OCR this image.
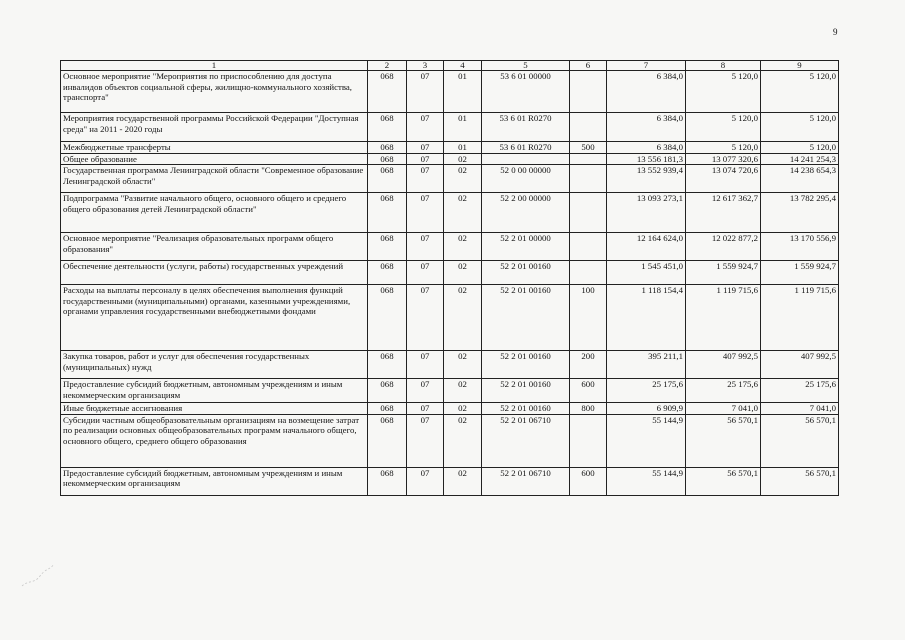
9
1	2	3	4	5	6	7	8	9
Основное мероприятие "Мероприятия по приспособлению для доступа инвалидов объектов социальной сферы, жилищно-коммунального хозяйства, транспорта"	068	07	01	53 6 01 00000		6 384,0	5 120,0	5 120,0
Мероприятия государственной программы Российской Федерации "Доступная среда" на 2011 - 2020 годы	068	07	01	53 6 01 R0270		6 384,0	5 120,0	5 120,0
Межбюджетные трансферты	068	07	01	53 6 01 R0270	500	6 384,0	5 120,0	5 120,0
Общее образование	068	07	02			13 556 181,3	13 077 320,6	14 241 254,3
Государственная программа Ленинградской области "Современное образование Ленинградской области"	068	07	02	52 0 00 00000		13 552 939,4	13 074 720,6	14 238 654,3
Подпрограмма "Развитие начального общего, основного общего и среднего общего образования детей Ленинградской области"	068	07	02	52 2 00 00000		13 093 273,1	12 617 362,7	13 782 295,4
Основное мероприятие "Реализация образовательных программ общего образования"	068	07	02	52 2 01 00000		12 164 624,0	12 022 877,2	13 170 556,9
Обеспечение деятельности (услуги, работы) государственных учреждений	068	07	02	52 2 01 00160		1 545 451,0	1 559 924,7	1 559 924,7
Расходы на выплаты персоналу в целях обеспечения выполнения функций государственными (муниципальными) органами, казенными учреждениями, органами управления государственными внебюджетными фондами	068	07	02	52 2 01 00160	100	1 118 154,4	1 119 715,6	1 119 715,6
Закупка товаров, работ и услуг для обеспечения государственных (муниципальных) нужд	068	07	02	52 2 01 00160	200	395 211,1	407 992,5	407 992,5
Предоставление субсидий бюджетным, автономным учреждениям и иным некоммерческим организациям	068	07	02	52 2 01 00160	600	25 175,6	25 175,6	25 175,6
Иные бюджетные ассигнования	068	07	02	52 2 01 00160	800	6 909,9	7 041,0	7 041,0
Субсидии частным общеобразовательным организациям на возмещение затрат по реализации основных общеобразовательных программ начального общего, основного общего, среднего общего образования	068	07	02	52 2 01 06710		55 144,9	56 570,1	56 570,1
Предоставление субсидий бюджетным, автономным учреждениям и иным некоммерческим организациям	068	07	02	52 2 01 06710	600	55 144,9	56 570,1	56 570,1
